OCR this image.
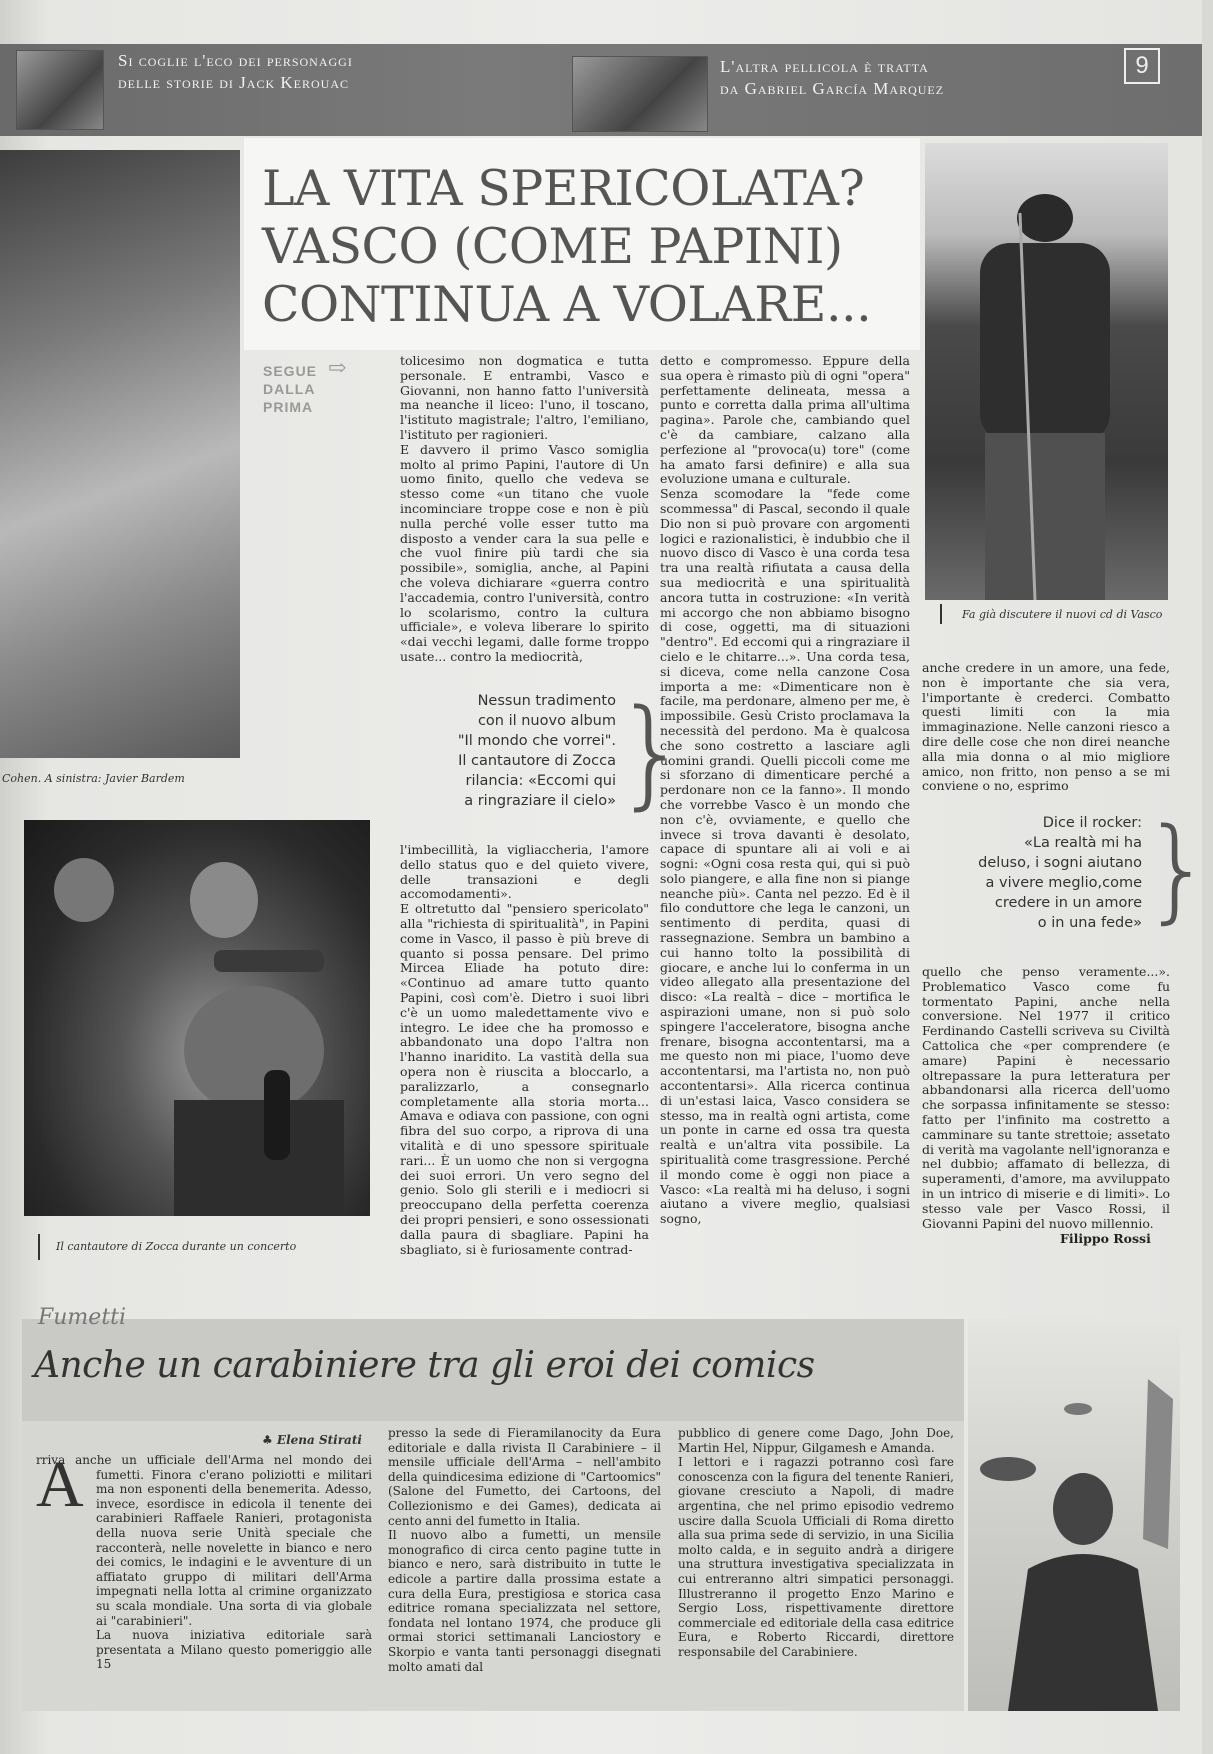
Si coglie l'eco dei personaggi
delle storie di Jack Kerouac
L'altra pellicola è tratta
da Gabriel García Marquez
9
Cohen. A sinistra: Javier Bardem
LA VITA SPERICOLATA?
VASCO (COME PAPINI)
CONTINUA A VOLARE...
SEGUE
DALLA
PRIMA
⇨
Fa già discutere il nuovi cd di Vasco
tolicesimo non dogmatica e tutta personale. E entrambi, Vasco e Giovanni, non hanno fatto l'università ma neanche il liceo: l'uno, il toscano, l'istituto magistrale; l'altro, l'emiliano, l'istituto per ragionieri.
E davvero il primo Vasco somiglia molto al primo Papini, l'autore di Un uomo finito, quello che vedeva se stesso come «un titano che vuole incominciare troppe cose e non è più nulla perché volle esser tutto ma disposto a vender cara la sua pelle e che vuol finire più tardi che sia possibile», somiglia, anche, al Papini che voleva dichiarare «guerra contro l'accademia, contro l'università, contro lo scolarismo, contro la cultura ufficiale», e voleva liberare lo spirito «dai vecchi legami, dalle forme troppo usate... contro la mediocrità,
l'imbecillità, la vigliaccheria, l'amore dello status quo e del quieto vivere, delle transazioni e degli accomodamenti».
E oltretutto dal "pensiero spericolato" alla "richiesta di spiritualità", in Papini come in Vasco, il passo è più breve di quanto si possa pensare. Del primo Mircea Eliade ha potuto dire: «Continuo ad amare tutto quanto Papini, così com'è. Dietro i suoi libri c'è un uomo maledettamente vivo e integro. Le idee che ha promosso e abbandonato una dopo l'altra non l'hanno inaridito. La vastità della sua opera non è riuscita a bloccarlo, a paralizzarlo, a consegnarlo completamente alla storia morta... Amava e odiava con passione, con ogni fibra del suo corpo, a riprova di una vitalità e di uno spessore spirituale rari... È un uomo che non si vergogna dei suoi errori. Un vero segno del genio. Solo gli sterili e i mediocri si preoccupano della perfetta coerenza dei propri pensieri, e sono ossessionati dalla paura di sbagliare. Papini ha sbagliato, si è furiosamente contrad-
detto e compromesso. Eppure della sua opera è rimasto più di ogni "opera" perfettamente delineata, messa a punto e corretta dalla prima all'ultima pagina». Parole che, cambiando quel c'è da cambiare, calzano alla perfezione al "provoca(u) tore" (come ha amato farsi definire) e alla sua evoluzione umana e culturale.
Senza scomodare la "fede come scommessa" di Pascal, secondo il quale Dio non si può provare con argomenti logici e razionalistici, è indubbio che il nuovo disco di Vasco è una corda tesa tra una realtà rifiutata a causa della sua mediocrità e una spiritualità ancora tutta in costruzione: «In verità mi accorgo che non abbiamo bisogno di cose, oggetti, ma di situazioni "dentro". Ed eccomi qui a ringraziare il cielo e le chitarre...». Una corda tesa, si diceva, come nella canzone Cosa importa a me: «Dimenticare non è facile, ma perdonare, almeno per me, è impossibile. Gesù Cristo proclamava la necessità del perdono. Ma è qualcosa che sono costretto a lasciare agli uomini grandi. Quelli piccoli come me si sforzano di dimenticare perché a perdonare non ce la fanno». Il mondo che vorrebbe Vasco è un mondo che non c'è, ovviamente, e quello che invece si trova davanti è desolato, capace di spuntare ali ai voli e ai sogni: «Ogni cosa resta qui, qui si può solo piangere, e alla fine non si piange neanche più». Canta nel pezzo. Ed è il filo conduttore che lega le canzoni, un sentimento di perdita, quasi di rassegnazione. Sembra un bambino a cui hanno tolto la possibilità di giocare, e anche lui lo conferma in un video allegato alla presentazione del disco: «La realtà – dice – mortifica le aspirazioni umane, non si può solo spingere l'acceleratore, bisogna anche frenare, bisogna accontentarsi, ma a me questo non mi piace, l'uomo deve accontentarsi, ma l'artista no, non può accontentarsi». Alla ricerca continua di un'estasi laica, Vasco considera se stesso, ma in realtà ogni artista, come un ponte in carne ed ossa tra questa realtà e un'altra vita possibile. La spiritualità come trasgressione. Perché il mondo come è oggi non piace a Vasco: «La realtà mi ha deluso, i sogni aiutano a vivere meglio, qualsiasi sogno,
anche credere in un amore, una fede, non è importante che sia vera, l'importante è crederci. Combatto questi limiti con la mia immaginazione. Nelle canzoni riesco a dire delle cose che non direi neanche alla mia donna o al mio migliore amico, non fritto, non penso a se mi conviene o no, esprimo
quello che penso veramente...». Problematico Vasco come fu tormentato Papini, anche nella conversione. Nel 1977 il critico Ferdinando Castelli scriveva su Civiltà Cattolica che «per comprendere (e amare) Papini è necessario oltrepassare la pura letteratura per abbandonarsi alla ricerca dell'uomo che sorpassa infinitamente se stesso: fatto per l'infinito ma costretto a camminare su tante strettoie; assetato di verità ma vagolante nell'ignoranza e nel dubbio; affamato di bellezza, di superamenti, d'amore, ma avviluppato in un intrico di miserie e di limiti». Lo stesso vale per Vasco Rossi, il Giovanni Papini del nuovo millennio.
Filippo Rossi
Nessun tradimento
con il nuovo album
"Il mondo che vorrei".
Il cantautore di Zocca
rilancia: «Eccomi qui
a ringraziare il cielo»
}
Dice il rocker:
«La realtà mi ha
deluso, i sogni aiutano
a vivere meglio,come
credere in un amore
o in una fede» }
Il cantautore di Zocca durante un concerto
Fumetti
Anche un carabiniere tra gli eroi dei comics
♣ Elena Stirati
A
rriva anche un ufficiale dell'Arma nel mondo dei fumetti. Finora c'erano poliziotti e militari ma non esponenti della benemerita. Adesso, invece, esordisce in edicola il tenente dei carabinieri Raffaele Ranieri, protagonista della nuova serie Unità speciale che racconterà, nelle novelette in bianco e nero dei comics, le indagini e le avventure di un affiatato gruppo di militari dell'Arma impegnati nella lotta al crimine organizzato su scala mondiale. Una sorta di via globale ai "carabinieri".
La nuova iniziativa editoriale sarà presentata a Milano questo pomeriggio alle 15
presso la sede di Fieramilanocity da Eura editoriale e dalla rivista Il Carabiniere – il mensile ufficiale dell'Arma – nell'ambito della quindicesima edizione di "Cartoomics" (Salone del Fumetto, dei Cartoons, del Collezionismo e dei Games), dedicata ai cento anni del fumetto in Italia.
Il nuovo albo a fumetti, un mensile monografico di circa cento pagine tutte in bianco e nero, sarà distribuito in tutte le edicole a partire dalla prossima estate a cura della Eura, prestigiosa e storica casa editrice romana specializzata nel settore, fondata nel lontano 1974, che produce gli ormai storici settimanali Lanciostory e Skorpio e vanta tanti personaggi disegnati molto amati dal
pubblico di genere come Dago, John Doe, Martin Hel, Nippur, Gilgamesh e Amanda.
I lettori e i ragazzi potranno così fare conoscenza con la figura del tenente Ranieri, giovane cresciuto a Napoli, di madre argentina, che nel primo episodio vedremo uscire dalla Scuola Ufficiali di Roma diretto alla sua prima sede di servizio, in una Sicilia molto calda, e in seguito andrà a dirigere una struttura investigativa specializzata in cui entreranno altri simpatici personaggi. Illustreranno il progetto Enzo Marino e Sergio Loss, rispettivamente direttore commerciale ed editoriale della casa editrice Eura, e Roberto Riccardi, direttore responsabile del Carabiniere.
